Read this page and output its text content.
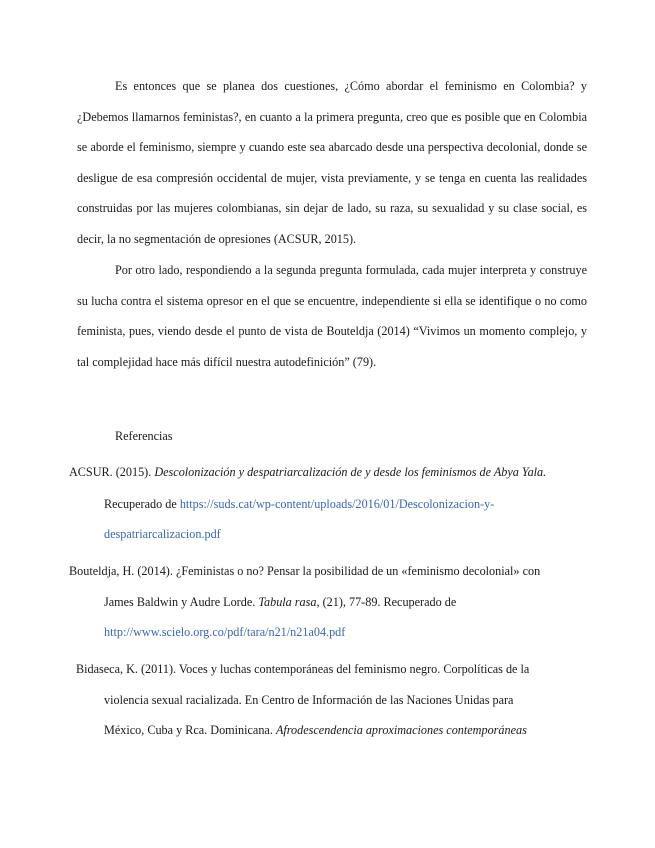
Es entonces que se planea dos cuestiones, ¿Cómo abordar el feminismo en Colombia? y ¿Debemos llamarnos feministas?, en cuanto a la primera pregunta, creo que es posible que en Colombia se aborde el feminismo, siempre y cuando este sea abarcado desde una perspectiva decolonial, donde se desligue de esa compresión occidental de mujer, vista previamente, y se tenga en cuenta las realidades construidas por las mujeres colombianas, sin dejar de lado, su raza, su sexualidad y su clase social, es decir, la no segmentación de opresiones (ACSUR, 2015).

Por otro lado, respondiendo a la segunda pregunta formulada, cada mujer interpreta y construye su lucha contra el sistema opresor en el que se encuentre, independiente si ella se identifique o no como feminista, pues, viendo desde el punto de vista de Bouteldja (2014) “Vivimos un momento complejo, y tal complejidad hace más difícil nuestra autodefinición” (79).

Referencias

ACSUR. (2015). Descolonización y despatriarcalización de y desde los feminismos de Abya Yala.

Recuperado de https://suds.cat/wp-content/uploads/2016/01/Descolonizacion-y-

despatriarcalizacion.pdf

Bouteldja, H. (2014). ¿Feministas o no? Pensar la posibilidad de un «feminismo decolonial» con

James Baldwin y Audre Lorde. Tabula rasa, (21), 77-89. Recuperado de

http://www.scielo.org.co/pdf/tara/n21/n21a04.pdf

Bidaseca, K. (2011). Voces y luchas contemporáneas del feminismo negro. Corpolíticas de la

violencia sexual racializada. En Centro de Información de las Naciones Unidas para

México, Cuba y Rca. Dominicana. Afrodescendencia aproximaciones contemporáneas
